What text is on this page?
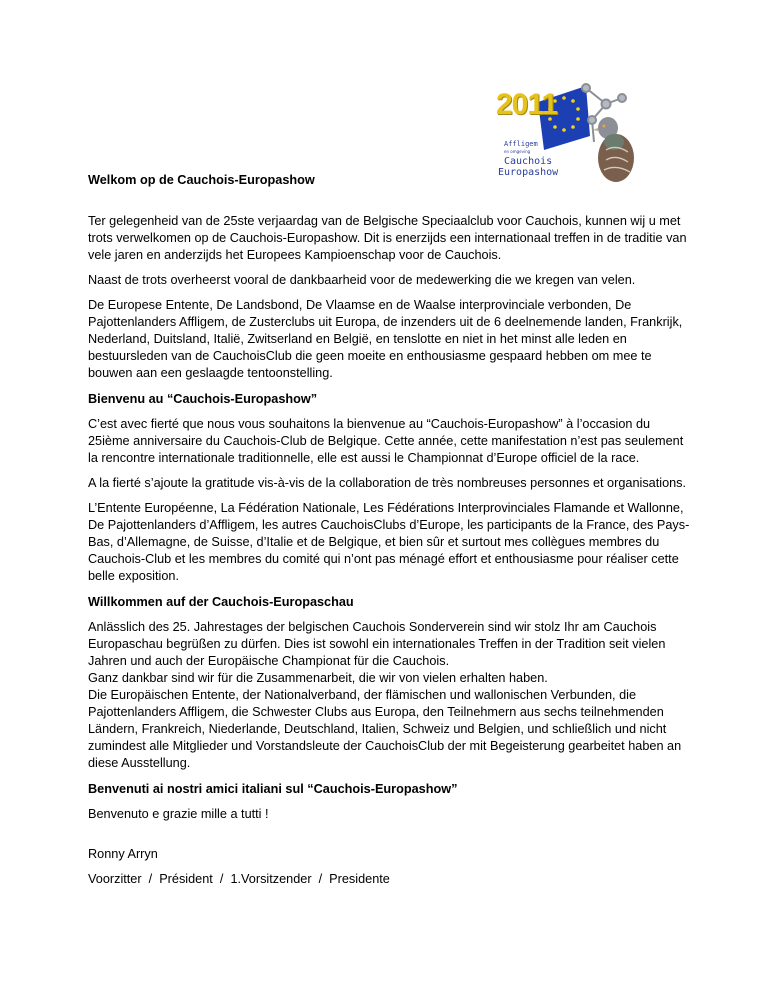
2011
Affligem
en omgeving
Cauchois
Europashow

Welkom op de Cauchois-Europashow

Ter gelegenheid van de 25ste verjaardag van de Belgische Speciaalclub voor Cauchois, kunnen wij u met trots verwelkomen op de Cauchois-Europashow. Dit is enerzijds een internationaal treffen in de traditie van vele jaren en anderzijds het Europees Kampioenschap voor de Cauchois.

Naast de trots overheerst vooral de dankbaarheid voor de medewerking die we kregen van velen.

De Europese Entente, De Landsbond, De Vlaamse en de Waalse interprovinciale verbonden, De Pajottenlanders Affligem, de Zusterclubs uit Europa, de inzenders uit de 6 deelnemende landen, Frankrijk, Nederland, Duitsland, Italië, Zwitserland en België, en tenslotte en niet in het minst alle leden en bestuursleden van de CauchoisClub die geen moeite en enthousiasme gespaard hebben om mee te bouwen aan een geslaagde tentoonstelling.

Bienvenu au “Cauchois-Europashow”

C’est avec fierté que nous vous souhaitons la bienvenue au “Cauchois-Europashow” à l’occasion du 25ième anniversaire du Cauchois-Club de Belgique. Cette année, cette manifestation n’est pas seulement la rencontre internationale traditionnelle, elle est aussi le Championnat d’Europe officiel de la race.

A la fierté s’ajoute la gratitude vis-à-vis de la collaboration de très nombreuses personnes et organisations.

L’Entente Européenne, La Fédération Nationale, Les Fédérations Interprovinciales Flamande et Wallonne, De Pajottenlanders d’Affligem, les autres CauchoisClubs d’Europe, les participants de la France, des Pays-Bas, d’Allemagne, de Suisse, d’Italie et de Belgique, et bien sûr et surtout mes collègues membres du Cauchois-Club et les membres du comité qui n’ont pas ménagé effort et enthousiasme pour réaliser cette belle exposition.

Willkommen auf der Cauchois-Europaschau

Anlässlich des 25. Jahrestages der belgischen Cauchois Sonderverein sind wir stolz Ihr am Cauchois Europaschau begrüßen zu dürfen. Dies ist sowohl ein internationales Treffen in der Tradition seit vielen Jahren und auch der Europäische Championat für die Cauchois.

Ganz dankbar sind wir für die Zusammenarbeit, die wir von vielen erhalten haben.

Die Europäischen Entente, der Nationalverband, der flämischen und wallonischen Verbunden, die Pajottenlanders Affligem, die Schwester Clubs aus Europa, den Teilnehmern aus sechs teilnehmenden Ländern, Frankreich, Niederlande, Deutschland, Italien, Schweiz und Belgien, und schließlich und nicht zumindest alle Mitglieder und Vorstandsleute der CauchoisClub der mit Begeisterung gearbeitet haben an diese Ausstellung.

Benvenuti ai nostri amici italiani sul “Cauchois-Europashow”

Benvenuto e grazie mille a tutti !

Ronny Arryn

Voorzitter  /  Président  /  1.Vorsitzender  /  Presidente
